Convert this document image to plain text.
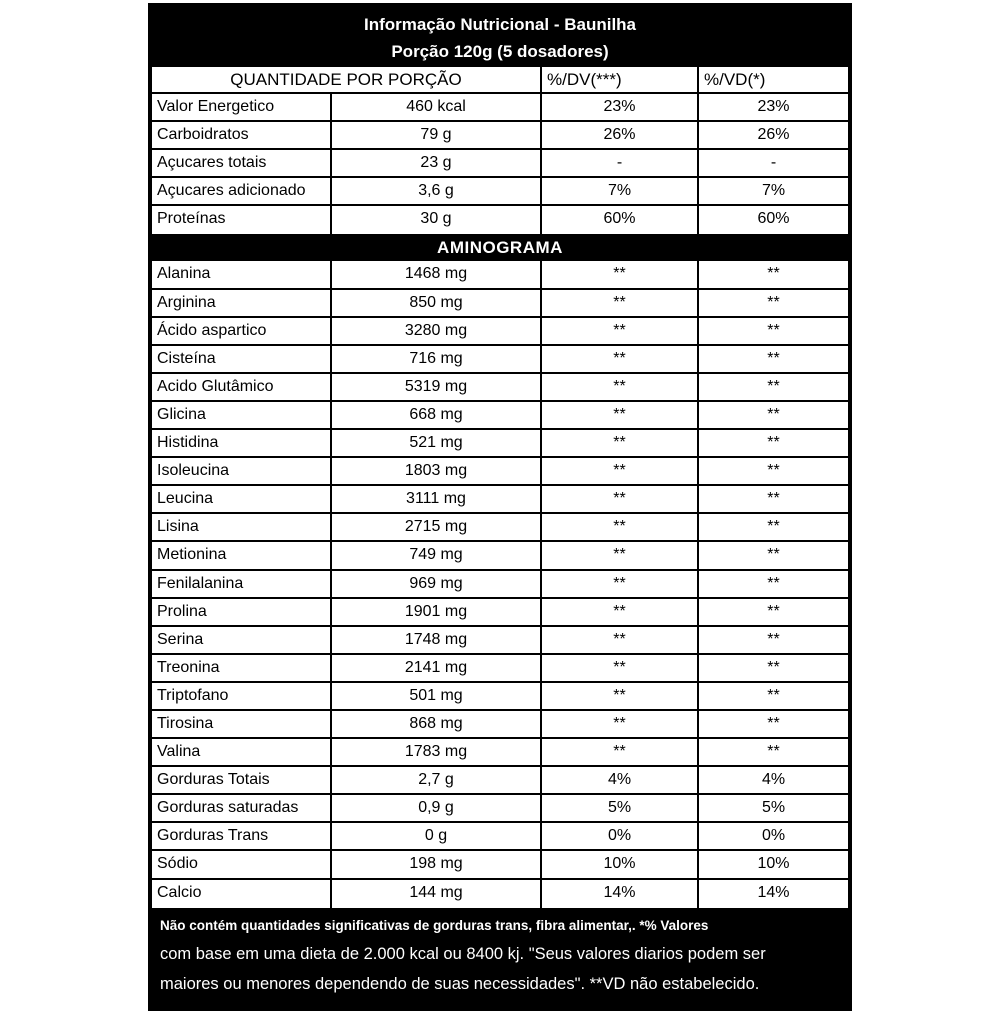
Informação Nutricional - Baunilha
Porção 120g (5 dosadores)
QUANTIDADE POR PORÇÃO	%/DV(***)	%/VD(*)
Valor Energetico	460 kcal	23%	23%
Carboidratos	79 g	26%	26%
Açucares totais	23 g	-	-
Açucares adicionado	3,6 g	7%	7%
Proteínas	30 g	60%	60%
AMINOGRAMA
Alanina	1468 mg	**	**
Arginina	850 mg	**	**
Ácido aspartico	3280 mg	**	**
Cisteína	716 mg	**	**
Acido Glutâmico	5319 mg	**	**
Glicina	668 mg	**	**
Histidina	521 mg	**	**
Isoleucina	1803 mg	**	**
Leucina	3111 mg	**	**
Lisina	2715 mg	**	**
Metionina	749 mg	**	**
Fenilalanina	969 mg	**	**
Prolina	1901 mg	**	**
Serina	1748 mg	**	**
Treonina	2141 mg	**	**
Triptofano	501 mg	**	**
Tirosina	868 mg	**	**
Valina	1783 mg	**	**
Gorduras Totais	2,7 g	4%	4%
Gorduras saturadas	0,9 g	5%	5%
Gorduras Trans	0 g	0%	0%
Sódio	198 mg	10%	10%
Calcio	144 mg	14%	14%
Não contém quantidades significativas de gorduras trans, fibra alimentar,. *% Valores
com base em uma dieta de 2.000 kcal ou 8400 kj. "Seus valores diarios podem ser
maiores ou menores dependendo de suas necessidades". **VD não estabelecido.
